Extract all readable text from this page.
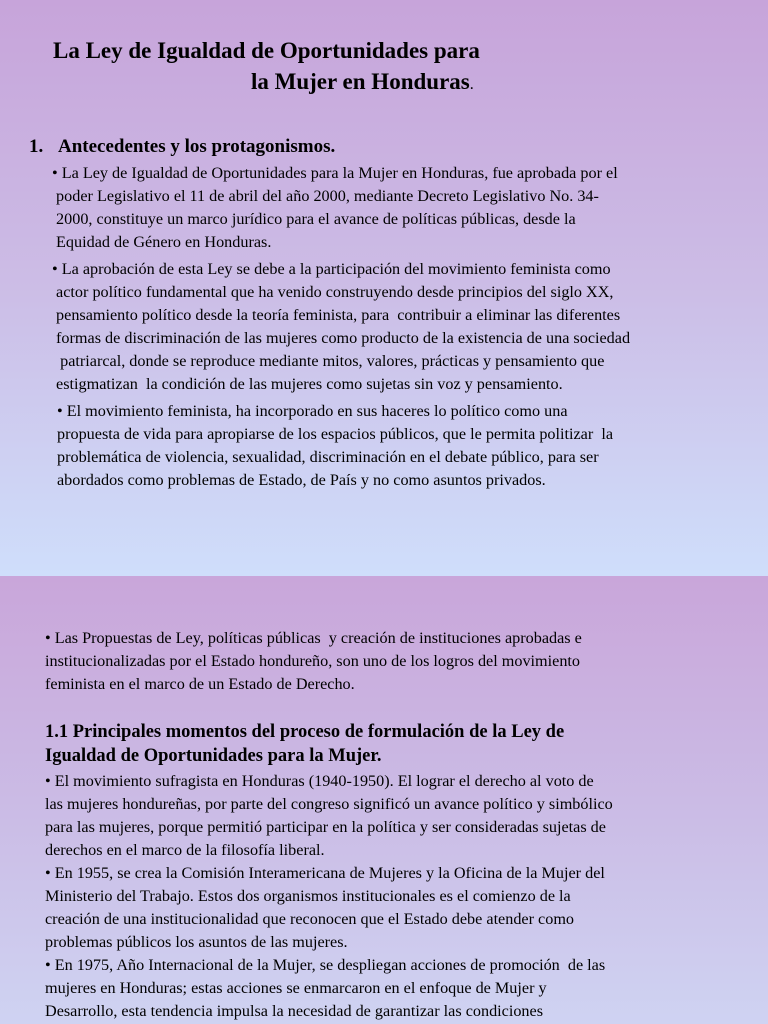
La Ley de Igualdad de Oportunidades para
la Mujer en Honduras.
1. Antecedentes y los protagonismos.

• La Ley de Igualdad de Oportunidades para la Mujer en Honduras, fue aprobada por el
poder Legislativo el 11 de abril del año 2000, mediante Decreto Legislativo No. 34-
2000, constituye un marco jurídico para el avance de políticas públicas, desde la
Equidad de Género en Honduras.

• La aprobación de esta Ley se debe a la participación del movimiento feminista como
actor político fundamental que ha venido construyendo desde principios del siglo XX,
pensamiento político desde la teoría feminista, para  contribuir a eliminar las diferentes
formas de discriminación de las mujeres como producto de la existencia de una sociedad
patriarcal, donde se reproduce mediante mitos, valores, prácticas y pensamiento que
estigmatizan  la condición de las mujeres como sujetas sin voz y pensamiento.

• El movimiento feminista, ha incorporado en sus haceres lo político como una
propuesta de vida para apropiarse de los espacios públicos, que le permita politizar  la
problemática de violencia, sexualidad, discriminación en el debate público, para ser
abordados como problemas de Estado, de País y no como asuntos privados.

• Las Propuestas de Ley, políticas públicas  y creación de instituciones aprobadas e
institucionalizadas por el Estado hondureño, son uno de los logros del movimiento
feminista en el marco de un Estado de Derecho.

1.1 Principales momentos del proceso de formulación de la Ley de
Igualdad de Oportunidades para la Mujer.

• El movimiento sufragista en Honduras (1940-1950). El lograr el derecho al voto de
las mujeres hondureñas, por parte del congreso significó un avance político y simbólico
para las mujeres, porque permitió participar en la política y ser consideradas sujetas de
derechos en el marco de la filosofía liberal.
• En 1955, se crea la Comisión Interamericana de Mujeres y la Oficina de la Mujer del
Ministerio del Trabajo. Estos dos organismos institucionales es el comienzo de la
creación de una institucionalidad que reconocen que el Estado debe atender como
problemas públicos los asuntos de las mujeres.
• En 1975, Año Internacional de la Mujer, se despliegan acciones de promoción  de las
mujeres en Honduras; estas acciones se enmarcaron en el enfoque de Mujer y
Desarrollo, esta tendencia impulsa la necesidad de garantizar las condiciones
